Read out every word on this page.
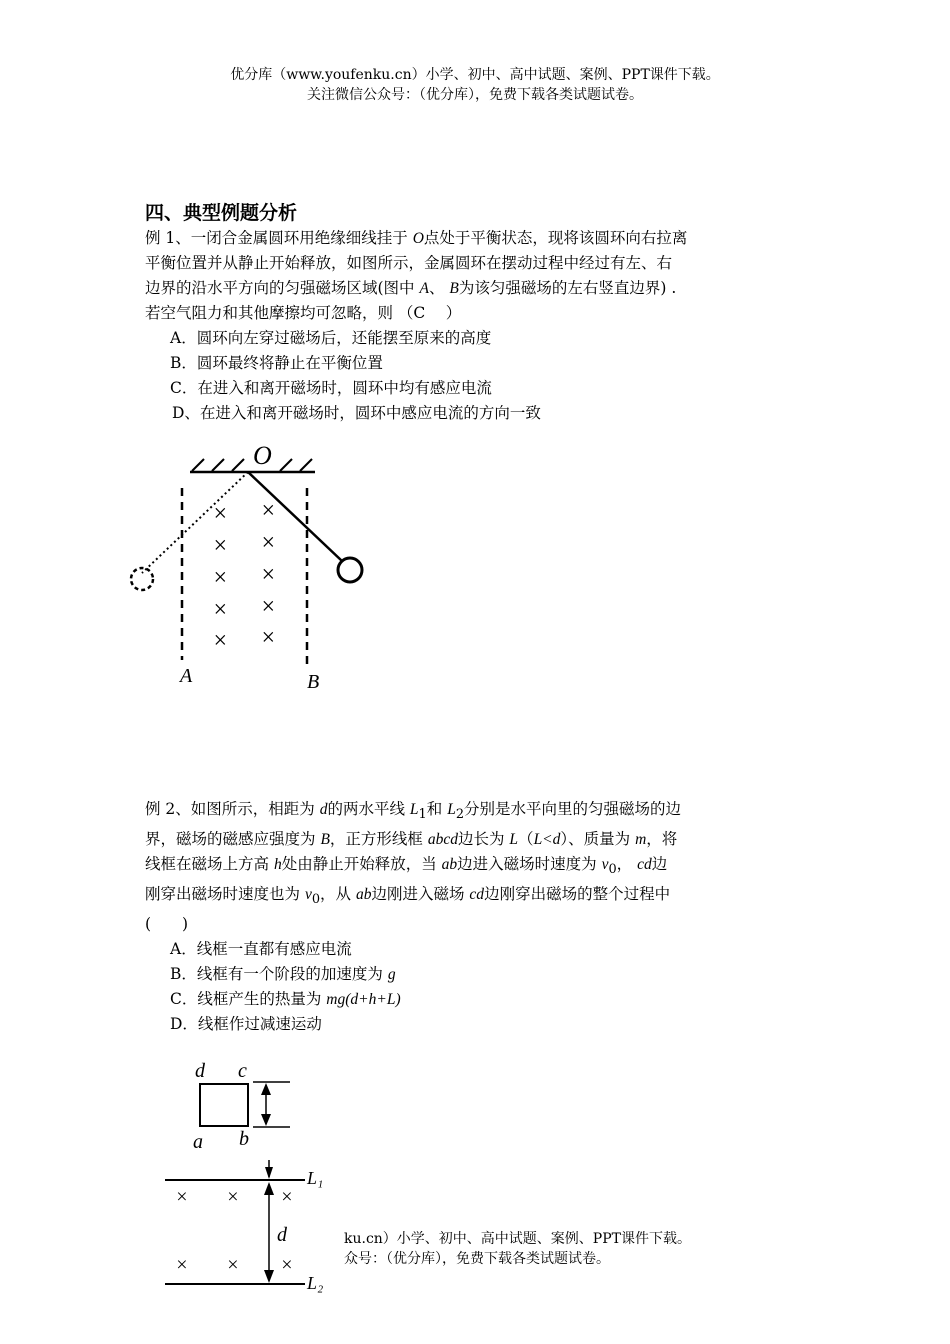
优分库（www.youfenku.cn）小学、初中、高中试题、案例、PPT课件下载。
关注微信公众号：（优分库），免费下载各类试题试卷。
四、典型例题分析
例 1、一闭合金属圆环用绝缘细线挂于 O点处于平衡状态，现将该圆环向右拉离
平衡位置并从静止开始释放，如图所示，金属圆环在摆动过程中经过有左、右
边界的沿水平方向的匀强磁场区域(图中 A、 B为该匀强磁场的左右竖直边界) .
若空气阻力和其他摩擦均可忽略，则 （C　 ）
A．圆环向左穿过磁场后，还能摆至原来的高度
B．圆环最终将静止在平衡位置
C．在进入和离开磁场时，圆环中均有感应电流
D、在进入和离开磁场时，圆环中感应电流的方向一致
O
× ×
× ×
× ×
× ×
× ×
A	B
例 2、如图所示，相距为 d的两水平线 $L_1$和 $L_2$分别是水平向里的匀强磁场的边
界，磁场的磁感应强度为 B，正方形线框 abcd边长为 L（L<d）、质量为 m，将
线框在磁场上方高 h处由静止开始释放，当 ab边进入磁场时速度为 $v_0$， cd边
刚穿出磁场时速度也为 $v_0$，从 ab边刚进入磁场 cd边刚穿出磁场的整个过程中
(　　)
A．线框一直都有感应电流
B．线框有一个阶段的加速度为 g
C．线框产生的热量为 mg(d+h+L)
D．线框作过减速运动
d c
a b
L₁
L₂
d
× × ×
× × ×
ku.cn）小学、初中、高中试题、案例、PPT课件下载。
众号：（优分库），免费下载各类试题试卷。
